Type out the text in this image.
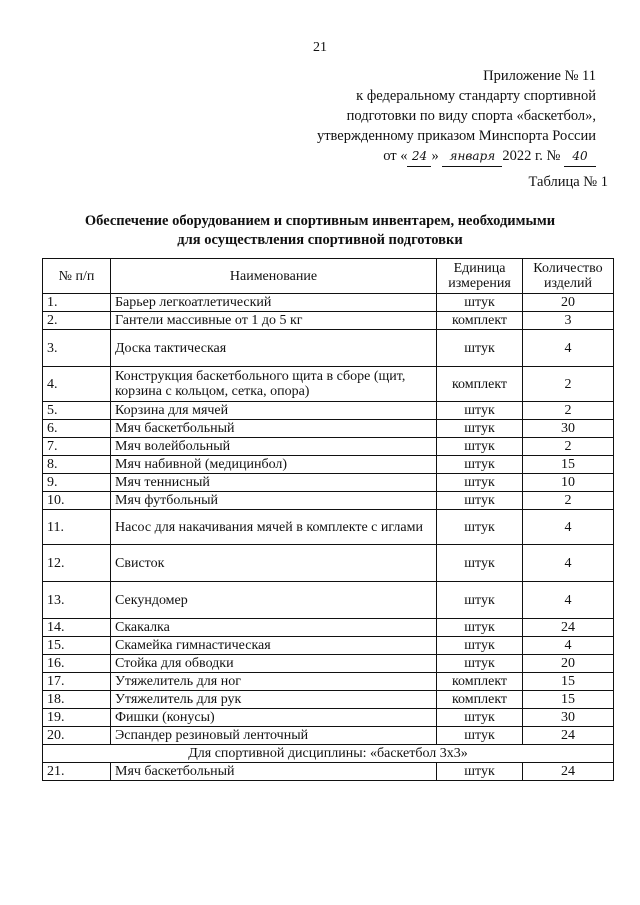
21
Приложение № 11
к федеральному стандарту спортивной
подготовки по виду спорта «баскетбол»,
утвержденному приказом Минспорта России
от « 24 » января 2022 г. № 40
Таблица № 1
Обеспечение оборудованием и спортивным инвентарем, необходимыми
для осуществления спортивной подготовки
№ п/п	Наименование	Единица измерения	Количество изделий
1.	Барьер легкоатлетический	штук	20
2.	Гантели массивные от 1 до 5 кг	комплект	3
3.	Доска тактическая	штук	4
4.	Конструкция баскетбольного щита в сборе (щит, корзина с кольцом, сетка, опора)	комплект	2
5.	Корзина для мячей	штук	2
6.	Мяч баскетбольный	штук	30
7.	Мяч волейбольный	штук	2
8.	Мяч набивной (медицинбол)	штук	15
9.	Мяч теннисный	штук	10
10.	Мяч футбольный	штук	2
11.	Насос для накачивания мячей в комплекте с иглами	штук	4
12.	Свисток	штук	4
13.	Секундомер	штук	4
14.	Скакалка	штук	24
15.	Скамейка гимнастическая	штук	4
16.	Стойка для обводки	штук	20
17.	Утяжелитель для ног	комплект	15
18.	Утяжелитель для рук	комплект	15
19.	Фишки (конусы)	штук	30
20.	Эспандер резиновый ленточный	штук	24
Для спортивной дисциплины: «баскетбол 3х3»			
21.	Мяч баскетбольный	штук	24
